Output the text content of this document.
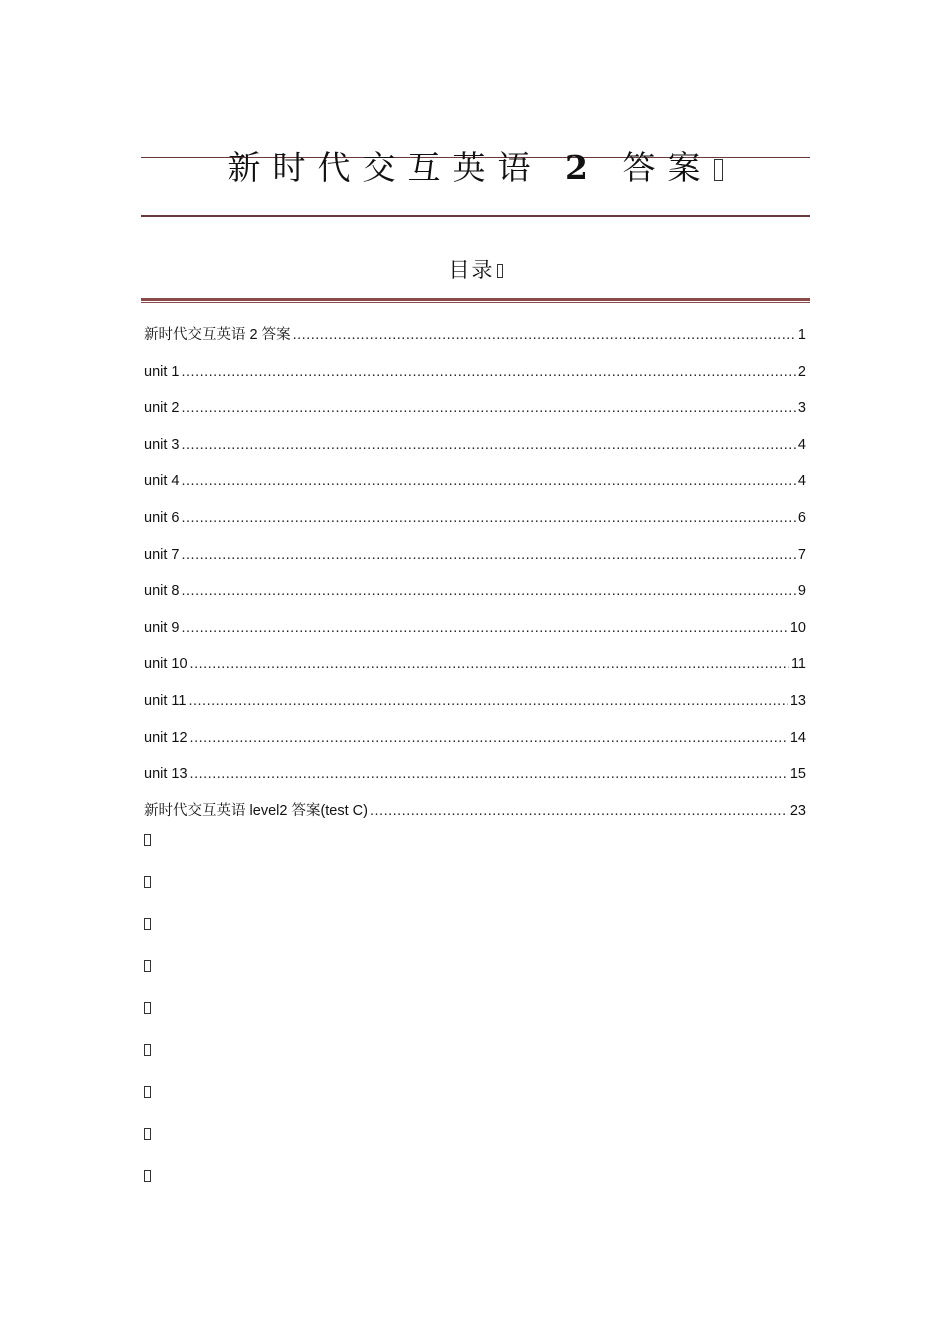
新时代交互英语 2 答案
目录
新时代交互英语 2 答案 .....	1
unit 1 .....	2
unit 2 .....	3
unit 3 .....	4
unit 4 .....	4
unit 6 .....	6
unit 7 .....	7
unit 8 .....	9
unit 9 .....	10
unit 10 .....	11
unit 11 .....	13
unit 12 .....	14
unit 13 .....	15
新时代交互英语 level2 答案(test C) .....	23
